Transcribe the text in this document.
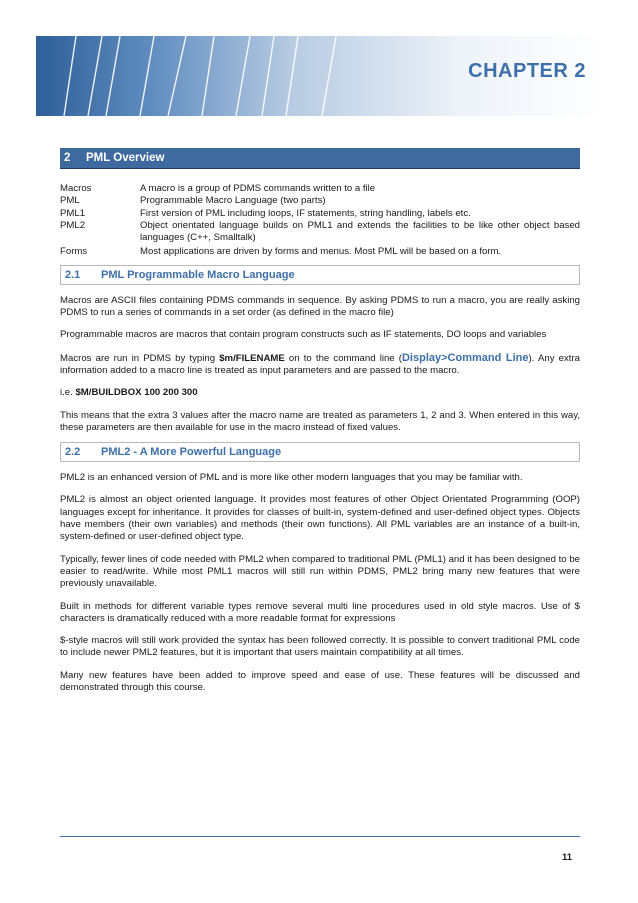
CHAPTER 2
2 PML Overview
Macros	A macro is a group of PDMS commands written to a file
PML	Programmable Macro Language (two parts)
PML1	First version of PML including loops, IF statements, string handling, labels etc.
PML2	Object orientated language builds on PML1 and extends the facilities to be like other object based languages (C++, Smalltalk)
Forms	Most applications are driven by forms and menus. Most PML will be based on a form.
2.1 PML Programmable Macro Language

Macros are ASCII files containing PDMS commands in sequence. By asking PDMS to run a macro, you are really asking PDMS to run a series of commands in a set order (as defined in the macro file)

Programmable macros are macros that contain program constructs such as IF statements, DO loops and variables

Macros are run in PDMS by typing $m/FILENAME on to the command line (Display>Command Line). Any extra information added to a macro line is treated as input parameters and are passed to the macro.

i.e. $M/BUILDBOX 100 200 300

This means that the extra 3 values after the macro name are treated as parameters 1, 2 and 3. When entered in this way, these parameters are then available for use in the macro instead of fixed values.

2.2 PML2 - A More Powerful Language

PML2 is an enhanced version of PML and is more like other modern languages that you may be familiar with.

PML2 is almost an object oriented language. It provides most features of other Object Orientated Programming (OOP) languages except for inheritance. It provides for classes of built-in, system-defined and user-defined object types. Objects have members (their own variables) and methods (their own functions). All PML variables are an instance of a built-in, system-defined or user-defined object type.

Typically, fewer lines of code needed with PML2 when compared to traditional PML (PML1) and it has been designed to be easier to read/write. While most PML1 macros will still run within PDMS, PML2 bring many new features that were previously unavailable.

Built in methods for different variable types remove several multi line procedures used in old style macros. Use of $ characters is dramatically reduced with a more readable format for expressions

$-style macros will still work provided the syntax has been followed correctly. It is possible to convert traditional PML code to include newer PML2 features, but it is important that users maintain compatibility at all times.

Many new features have been added to improve speed and ease of use. These features will be discussed and demonstrated through this course.

11
